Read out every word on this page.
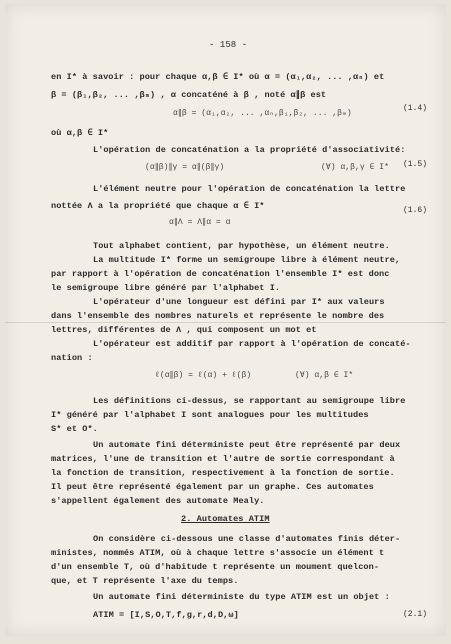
- 158 -
en I* à savoir : pour chaque α,β ∈ I* où α = (α₁,α₂, ... ,αₙ) et
β = (β₁,β₂, ... ,βₘ) , α concaténé à β , noté α∥β est
α∥β = (α₁,α₂, ... ,αₙ,β₁,β₂, ... ,βₘ)
(1.4)
où α,β ∈ I*
L'opération de concaténation a la propriété d'associativité:
(α∥β)∥γ = α∥(β∥γ)	(∀) α,β,γ ∈ I* (1.5)
L'élément neutre pour l'opération de concaténation la lettre
nottée Λ a la propriété que chaque α ∈ I*
α∥Λ = Λ∥α = α
(1.6)
Tout alphabet contient, par hypothèse, un élément neutre.
La multitude I* forme un semigroupe libre à élément neutre,
par rapport à l'opération de concaténation l'ensemble I* est donc
le semigroupe libre généré par l'alphabet I.
L'opérateur d'une longueur est défini par I* aux valeurs
dans l'ensemble des nombres naturels et représente le nombre des
lettres, différentes de Λ , qui composent un mot et
L'opérateur est additif par rapport à l'opération de concaté-
nation :
ℓ(α∥β) = ℓ(α) + ℓ(β)	(∀) α,β ∈ I*
Les définitions ci-dessus, se rapportant au semigroupe libre
I* généré par l'alphabet I sont analogues pour les multitudes
S* et O*.
Un automate fini déterministe peut être représenté par deux
matrices, l'une de transition et l'autre de sortie correspondant à
la fonction de transition, respectivement à la fonction de sortie.
Il peut être représenté également par un graphe. Ces automates
s'appellent également des automate Mealy.
2. Automates ATIM
On considère ci-dessous une classe d'automates finis déter-
ministes, nommés ATIM, où à chaque lettre s'associe un élément t
d'un ensemble T, où d'habitude t représente un moument quelcon-
que, et T représente l'axe du temps.
Un automate fini déterministe du type ATIM est un objet :
ATIM = [I,S,O,T,f,g,r,d,D,ω]	(2.1)
